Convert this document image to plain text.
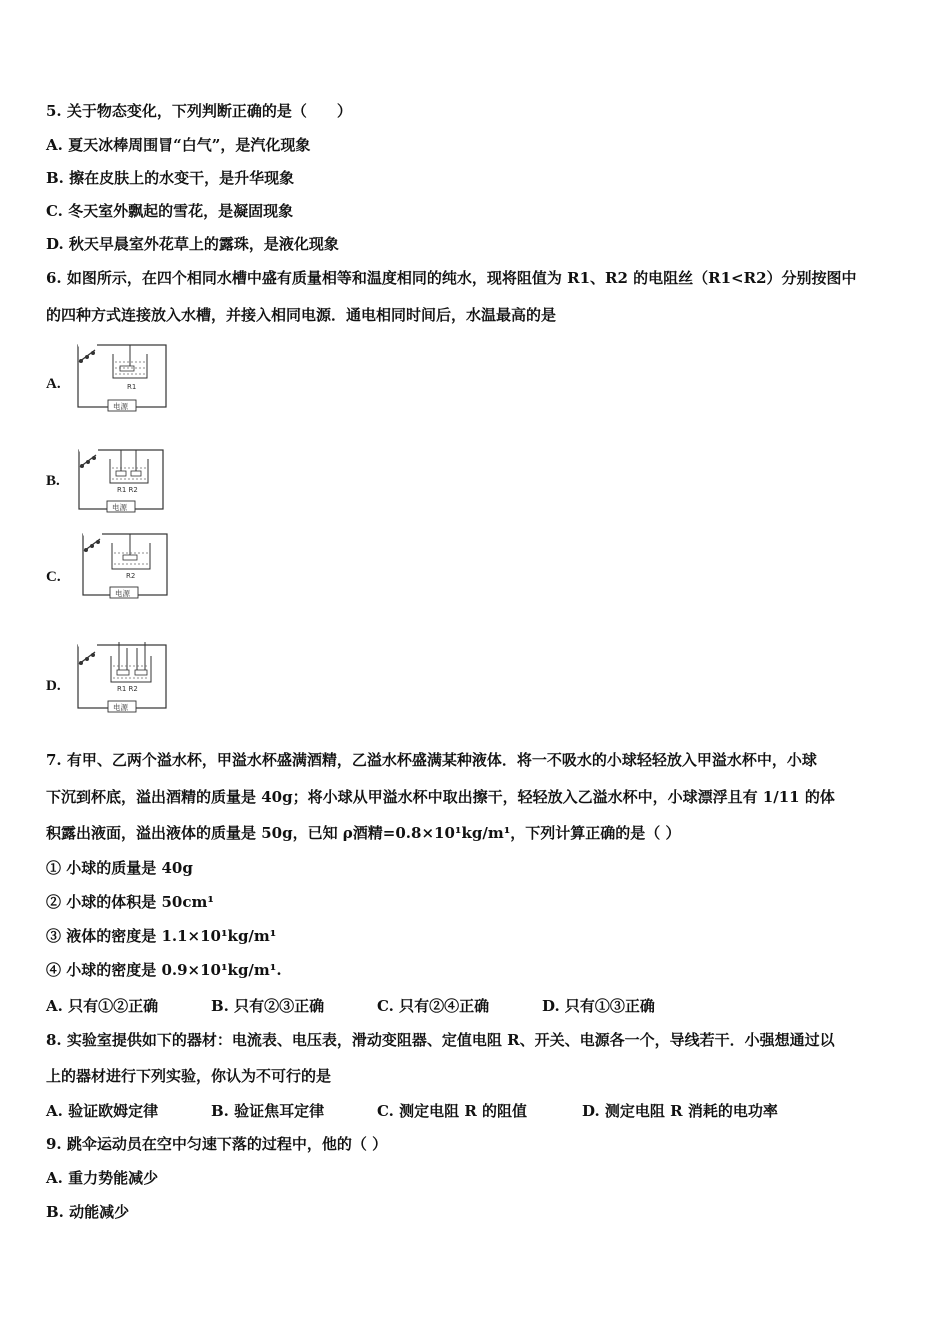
5. 关于物态变化，下列判断正确的是（　　）
A. 夏天冰棒周围冒“白气”，是汽化现象
B. 擦在皮肤上的水变干，是升华现象
C. 冬天室外飘起的雪花，是凝固现象
D. 秋天早晨室外花草上的露珠，是液化现象
6. 如图所示，在四个相同水槽中盛有质量相等和温度相同的纯水，现将阻值为 R1、R2 的电阻丝（R1<R2）分别按图中
的四种方式连接放入水槽，并接入相同电源．通电相同时间后，水温最高的是
A.	R1
电源
B.
R1 R2
电源
C.	R2
电源
D.	R1 R2
电源
7. 有甲、乙两个溢水杯，甲溢水杯盛满酒精，乙溢水杯盛满某种液体．将一不吸水的小球轻轻放入甲溢水杯中，小球
下沉到杯底，溢出酒精的质量是 40g；将小球从甲溢水杯中取出擦干，轻轻放入乙溢水杯中，小球漂浮且有 1/11 的体
积露出液面，溢出液体的质量是 50g，已知 ρ酒精=0.8×10¹kg/m¹，下列计算正确的是（ ）
① 小球的质量是 40g
② 小球的体积是 50cm¹
③ 液体的密度是 1.1×10¹kg/m¹
④ 小球的密度是 0.9×10¹kg/m¹.
A. 只有①②正确	B. 只有②③正确	C. 只有②④正确	D. 只有①③正确
8. 实验室提供如下的器材：电流表、电压表，滑动变阻器、定值电阻 R、开关、电源各一个，导线若干．小强想通过以
上的器材进行下列实验，你认为不可行的是
A. 验证欧姆定律	B. 验证焦耳定律	C. 测定电阻 R 的阻值	D. 测定电阻 R 消耗的电功率
9. 跳伞运动员在空中匀速下落的过程中，他的（ ）
A. 重力势能减少
B. 动能减少
